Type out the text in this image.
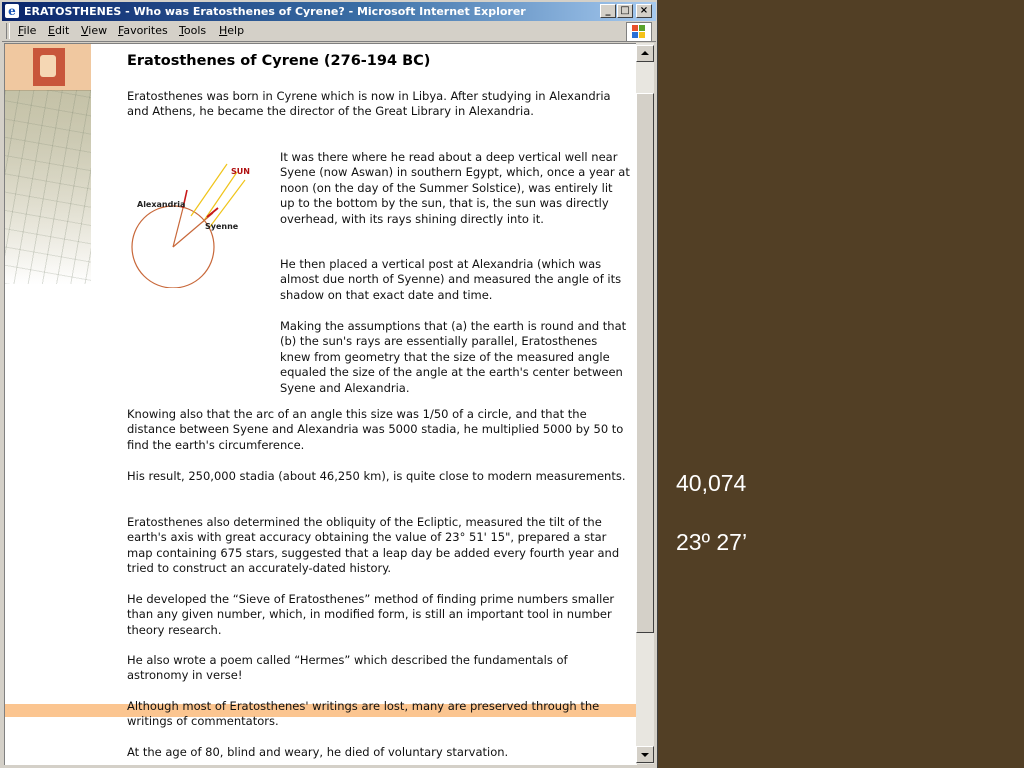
e ERATOSTHENES - Who was Eratosthenes of Cyrene? - Microsoft Internet Explorer	_ □	×
File Edit View Favorites Tools Help
Eratosthenes of Cyrene (276-194 BC)

Eratosthenes was born in Cyrene which is now in Libya. After studying in Alexandria and Athens, he became the director of the Great Library in Alexandria.

It was there where he read about a deep vertical well near Syene (now Aswan) in southern Egypt, which, once a year at noon (on the day of the Summer Solstice), was entirely lit up to the bottom by the sun, that is, the sun was directly overhead, with its rays shining directly into it.

He then placed a vertical post at Alexandria (which was almost due north of Syenne) and measured the angle of its shadow on that exact date and time.

Making the assumptions that (a) the earth is round and that (b) the sun's rays are essentially parallel, Eratosthenes knew from geometry that the size of the measured angle equaled the size of the angle at the earth's center between Syene and Alexandria.

Knowing also that the arc of an angle this size was 1/50 of a circle, and that the distance between Syene and Alexandria was 5000 stadia, he multiplied 5000 by 50 to find the earth's circumference.

His result, 250,000 stadia (about 46,250 km), is quite close to modern measurements.

Eratosthenes also determined the obliquity of the Ecliptic, measured the tilt of the earth's axis with great accuracy obtaining the value of 23° 51' 15", prepared a star map containing 675 stars, suggested that a leap day be added every fourth year and tried to construct an accurately-dated history.

He developed the “Sieve of Eratosthenes” method of finding prime numbers smaller than any given number, which, in modified form, is still an important tool in number theory research.

He also wrote a poem called “Hermes” which described the fundamentals of astronomy in verse!

Although most of Eratosthenes' writings are lost, many are preserved through the writings of commentators.

At the age of 80, blind and weary, he died of voluntary starvation.

SUN
Alexandria
Syenne
40,074
23º 27’
